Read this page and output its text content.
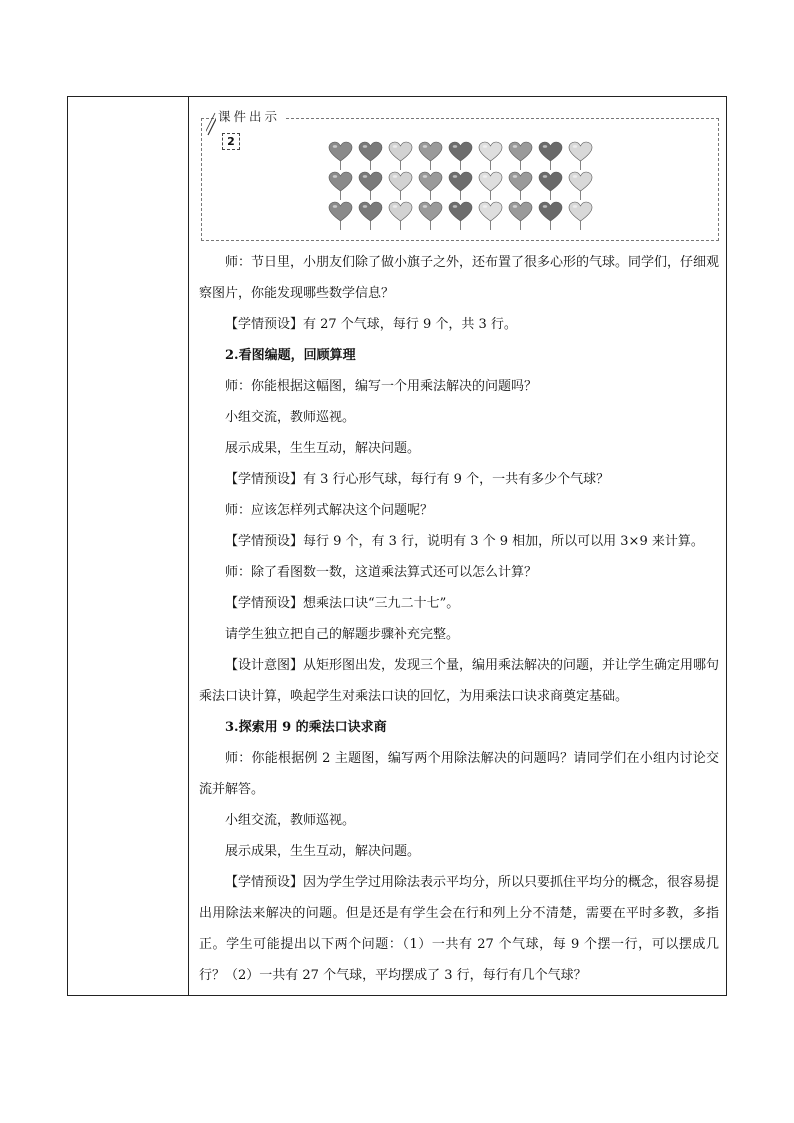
课件出示
2

师：节日里，小朋友们除了做小旗子之外，还布置了很多心形的气球。同学们，仔细观察图片，你能发现哪些数学信息？

【学情预设】有 27 个气球，每行 9 个，共 3 行。

2.看图编题，回顾算理

师：你能根据这幅图，编写一个用乘法解决的问题吗？

小组交流，教师巡视。

展示成果，生生互动，解决问题。

【学情预设】有 3 行心形气球，每行有 9 个，一共有多少个气球？

师：应该怎样列式解决这个问题呢？

【学情预设】每行 9 个，有 3 行，说明有 3 个 9 相加，所以可以用 3×9 来计算。

师：除了看图数一数，这道乘法算式还可以怎么计算？

【学情预设】想乘法口诀“三九二十七”。

请学生独立把自己的解题步骤补充完整。

【设计意图】从矩形图出发，发现三个量，编用乘法解决的问题，并让学生确定用哪句乘法口诀计算，唤起学生对乘法口诀的回忆，为用乘法口诀求商奠定基础。

3.探索用 9 的乘法口诀求商

师：你能根据例 2 主题图，编写两个用除法解决的问题吗？请同学们在小组内讨论交流并解答。

小组交流，教师巡视。

展示成果，生生互动，解决问题。

【学情预设】因为学生学过用除法表示平均分，所以只要抓住平均分的概念，很容易提出用除法来解决的问题。但是还是有学生会在行和列上分不清楚，需要在平时多教，多指正。学生可能提出以下两个问题：（1）一共有 27 个气球，每 9 个摆一行，可以摆成几行？（2）一共有 27 个气球，平均摆成了 3 行，每行有几个气球？
